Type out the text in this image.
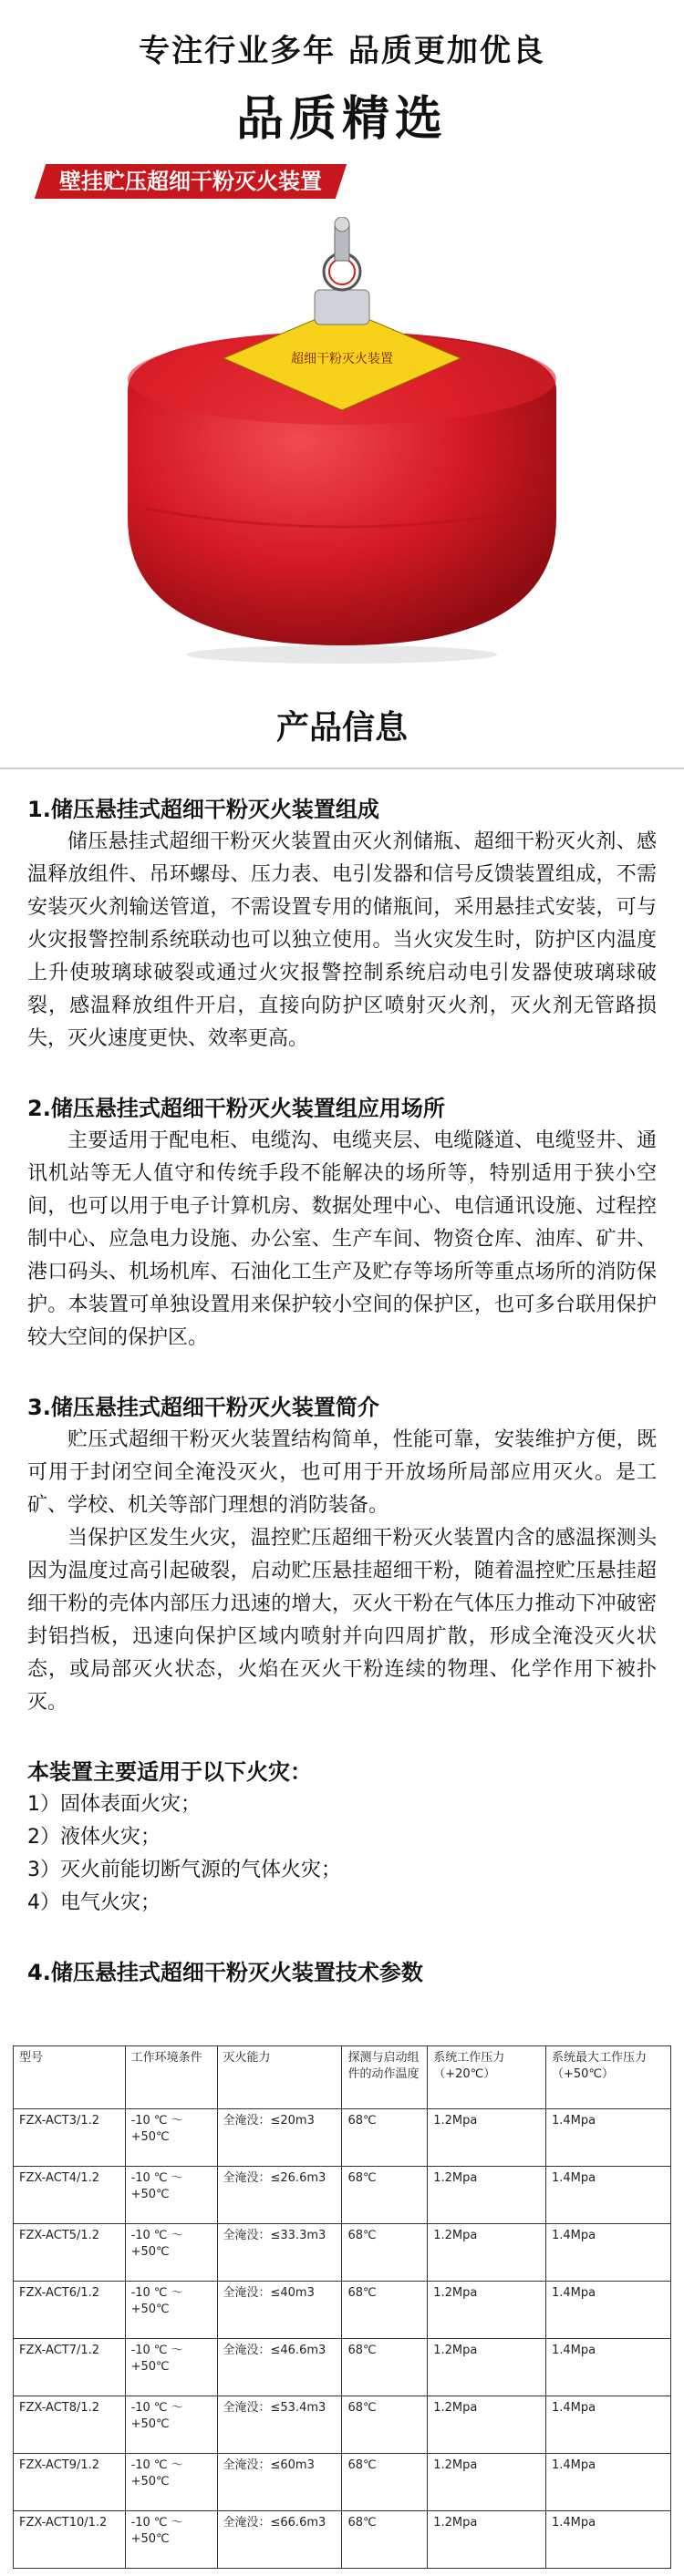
专注行业多年 品质更加优良
品质精选
壁挂贮压超细干粉灭火装置
超细干粉灭火装置
产品信息

1.储压悬挂式超细干粉灭火装置组成

储压悬挂式超细干粉灭火装置由灭火剂储瓶、超细干粉灭火剂、感温释放组件、吊环螺母、压力表、电引发器和信号反馈装置组成，不需安装灭火剂输送管道，不需设置专用的储瓶间，采用悬挂式安装，可与火灾报警控制系统联动也可以独立使用。当火灾发生时，防护区内温度上升使玻璃球破裂或通过火灾报警控制系统启动电引发器使玻璃球破裂，感温释放组件开启，直接向防护区喷射灭火剂，灭火剂无管路损失，灭火速度更快、效率更高。

2.储压悬挂式超细干粉灭火装置组应用场所

主要适用于配电柜、电缆沟、电缆夹层、电缆隧道、电缆竖井、通讯机站等无人值守和传统手段不能解决的场所等，特别适用于狭小空间，也可以用于电子计算机房、数据处理中心、电信通讯设施、过程控制中心、应急电力设施、办公室、生产车间、物资仓库、油库、矿井、港口码头、机场机库、石油化工生产及贮存等场所等重点场所的消防保护。本装置可单独设置用来保护较小空间的保护区，也可多台联用保护较大空间的保护区。

3.储压悬挂式超细干粉灭火装置简介

贮压式超细干粉灭火装置结构简单，性能可靠，安装维护方便，既可用于封闭空间全淹没灭火，也可用于开放场所局部应用灭火。是工矿、学校、机关等部门理想的消防装备。

当保护区发生火灾，温控贮压超细干粉灭火装置内含的感温探测头因为温度过高引起破裂，启动贮压悬挂超细干粉，随着温控贮压悬挂超细干粉的壳体内部压力迅速的增大，灭火干粉在气体压力推动下冲破密封铝挡板，迅速向保护区域内喷射并向四周扩散，形成全淹没灭火状态，或局部灭火状态，火焰在灭火干粉连续的物理、化学作用下被扑灭。

本装置主要适用于以下火灾：

1）固体表面火灾；

2）液体火灾；

3）灭火前能切断气源的气体火灾；

4）电气火灾；

4.储压悬挂式超细干粉灭火装置技术参数

型号	工作环境条件	灭火能力	探测与启动组件的动作温度	系统工作压力（+20℃）	系统最大工作压力（+50℃）
FZX-ACT3/1.2	-10 ℃ ～ +50℃	全淹没：≤20m3	68℃	1.2Mpa	1.4Mpa
FZX-ACT4/1.2	-10 ℃ ～ +50℃	全淹没：≤26.6m3	68℃	1.2Mpa	1.4Mpa
FZX-ACT5/1.2	-10 ℃ ～ +50℃	全淹没：≤33.3m3	68℃	1.2Mpa	1.4Mpa
FZX-ACT6/1.2	-10 ℃ ～ +50℃	全淹没：≤40m3	68℃	1.2Mpa	1.4Mpa
FZX-ACT7/1.2	-10 ℃ ～ +50℃	全淹没：≤46.6m3	68℃	1.2Mpa	1.4Mpa
FZX-ACT8/1.2	-10 ℃ ～ +50℃	全淹没：≤53.4m3	68℃	1.2Mpa	1.4Mpa
FZX-ACT9/1.2	-10 ℃ ～ +50℃	全淹没：≤60m3	68℃	1.2Mpa	1.4Mpa
FZX-ACT10/1.2	-10 ℃ ～ +50℃	全淹没：≤66.6m3	68℃	1.2Mpa	1.4Mpa
